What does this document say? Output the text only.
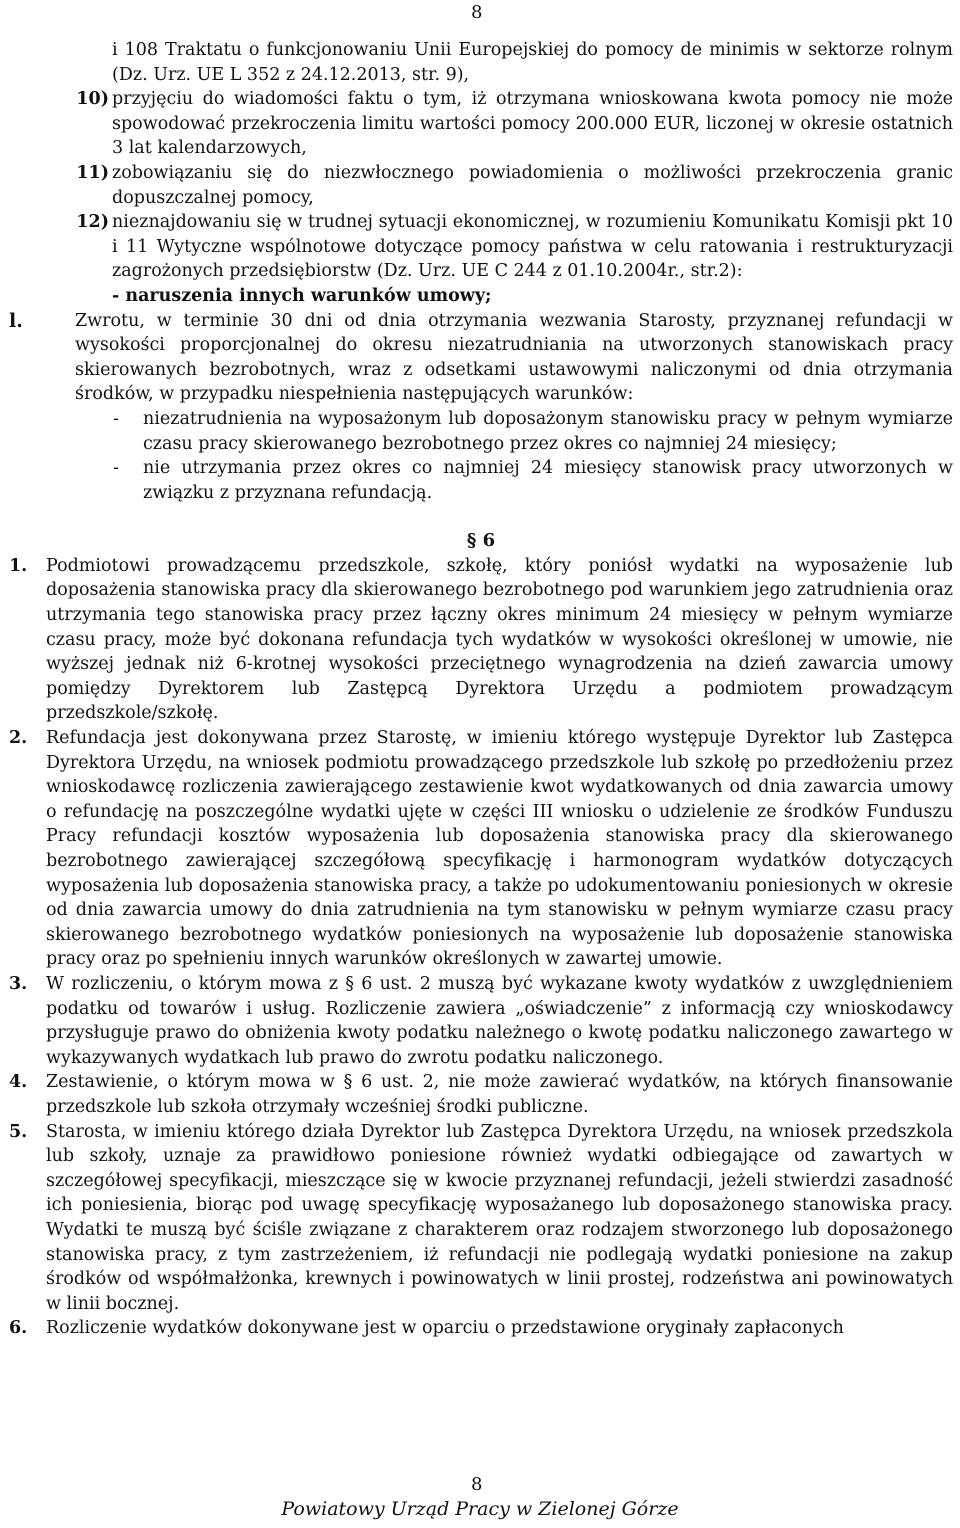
8
i 108 Traktatu o funkcjonowaniu Unii Europejskiej do pomocy de minimis w sektorze rolnym (Dz. Urz. UE L 352 z 24.12.2013, str. 9),
10) przyjęciu do wiadomości faktu o tym, iż otrzymana wnioskowana kwota pomocy nie może spowodować przekroczenia limitu wartości pomocy 200.000 EUR, liczonej w okresie ostatnich 3 lat kalendarzowych,
11) zobowiązaniu się do niezwłocznego powiadomienia o możliwości przekroczenia granic dopuszczalnej pomocy,
12) nieznajdowaniu się w trudnej sytuacji ekonomicznej, w rozumieniu Komunikatu Komisji pkt 10 i 11 Wytyczne wspólnotowe dotyczące pomocy państwa w celu ratowania i restrukturyzacji zagrożonych przedsiębiorstw (Dz. Urz. UE C 244 z 01.10.2004r., str.2):
- naruszenia innych warunków umowy;
l.	Zwrotu, w terminie 30 dni od dnia otrzymania wezwania Starosty, przyznanej refundacji w wysokości proporcjonalnej do okresu niezatrudniania na utworzonych stanowiskach pracy skierowanych bezrobotnych, wraz z odsetkami ustawowymi naliczonymi od dnia otrzymania środków, w przypadku niespełnienia następujących warunków:
- niezatrudnienia na wyposażonym lub doposażonym stanowisku pracy w pełnym wymiarze czasu pracy skierowanego bezrobotnego przez okres co najmniej 24 miesięcy;
- nie utrzymania przez okres co najmniej 24 miesięcy stanowisk pracy utworzonych w związku z przyznana refundacją.
§ 6
1. Podmiotowi prowadzącemu przedszkole, szkołę, który poniósł wydatki na wyposażenie lub doposażenia stanowiska pracy dla skierowanego bezrobotnego pod warunkiem jego zatrudnienia oraz utrzymania tego stanowiska pracy przez łączny okres minimum 24 miesięcy w pełnym wymiarze czasu pracy, może być dokonana refundacja tych wydatków w wysokości określonej w umowie, nie wyższej jednak niż 6-krotnej wysokości przeciętnego wynagrodzenia na dzień zawarcia umowy pomiędzy Dyrektorem lub Zastępcą Dyrektora Urzędu a podmiotem prowadzącym przedszkole/szkołę.
2. Refundacja jest dokonywana przez Starostę, w imieniu którego występuje Dyrektor lub Zastępca Dyrektora Urzędu, na wniosek podmiotu prowadzącego przedszkole lub szkołę po przedłożeniu przez wnioskodawcę rozliczenia zawierającego zestawienie kwot wydatkowanych od dnia zawarcia umowy o refundację na poszczególne wydatki ujęte w części III wniosku o udzielenie ze środków Funduszu Pracy refundacji kosztów wyposażenia lub doposażenia stanowiska pracy dla skierowanego bezrobotnego zawierającej szczegółową specyfikację i harmonogram wydatków dotyczących wyposażenia lub doposażenia stanowiska pracy, a także po udokumentowaniu poniesionych w okresie od dnia zawarcia umowy do dnia zatrudnienia na tym stanowisku w pełnym wymiarze czasu pracy skierowanego bezrobotnego wydatków poniesionych na wyposażenie lub doposażenie stanowiska pracy oraz po spełnieniu innych warunków określonych w zawartej umowie.
3. W rozliczeniu, o którym mowa z § 6 ust. 2 muszą być wykazane kwoty wydatków z uwzględnieniem podatku od towarów i usług. Rozliczenie zawiera „oświadczenie” z informacją czy wnioskodawcy przysługuje prawo do obniżenia kwoty podatku należnego o kwotę podatku naliczonego zawartego w wykazywanych wydatkach lub prawo do zwrotu podatku naliczonego.
4. Zestawienie, o którym mowa w § 6 ust. 2, nie może zawierać wydatków, na których finansowanie przedszkole lub szkoła otrzymały wcześniej środki publiczne.
5. Starosta, w imieniu którego działa Dyrektor lub Zastępca Dyrektora Urzędu, na wniosek przedszkola lub szkoły, uznaje za prawidłowo poniesione również wydatki odbiegające od zawartych w szczegółowej specyfikacji, mieszczące się w kwocie przyznanej refundacji, jeżeli stwierdzi zasadność ich poniesienia, biorąc pod uwagę specyfikację wyposażanego lub doposażonego stanowiska pracy. Wydatki te muszą być ściśle związane z charakterem oraz rodzajem stworzonego lub doposażonego stanowiska pracy, z tym zastrzeżeniem, iż refundacji nie podlegają wydatki poniesione na zakup środków od współmałżonka, krewnych i powinowatych w linii prostej, rodzeństwa ani powinowatych w linii bocznej.
6. Rozliczenie wydatków dokonywane jest w oparciu o przedstawione oryginały zapłaconych
8
Powiatowy Urząd Pracy w Zielonej Górze
